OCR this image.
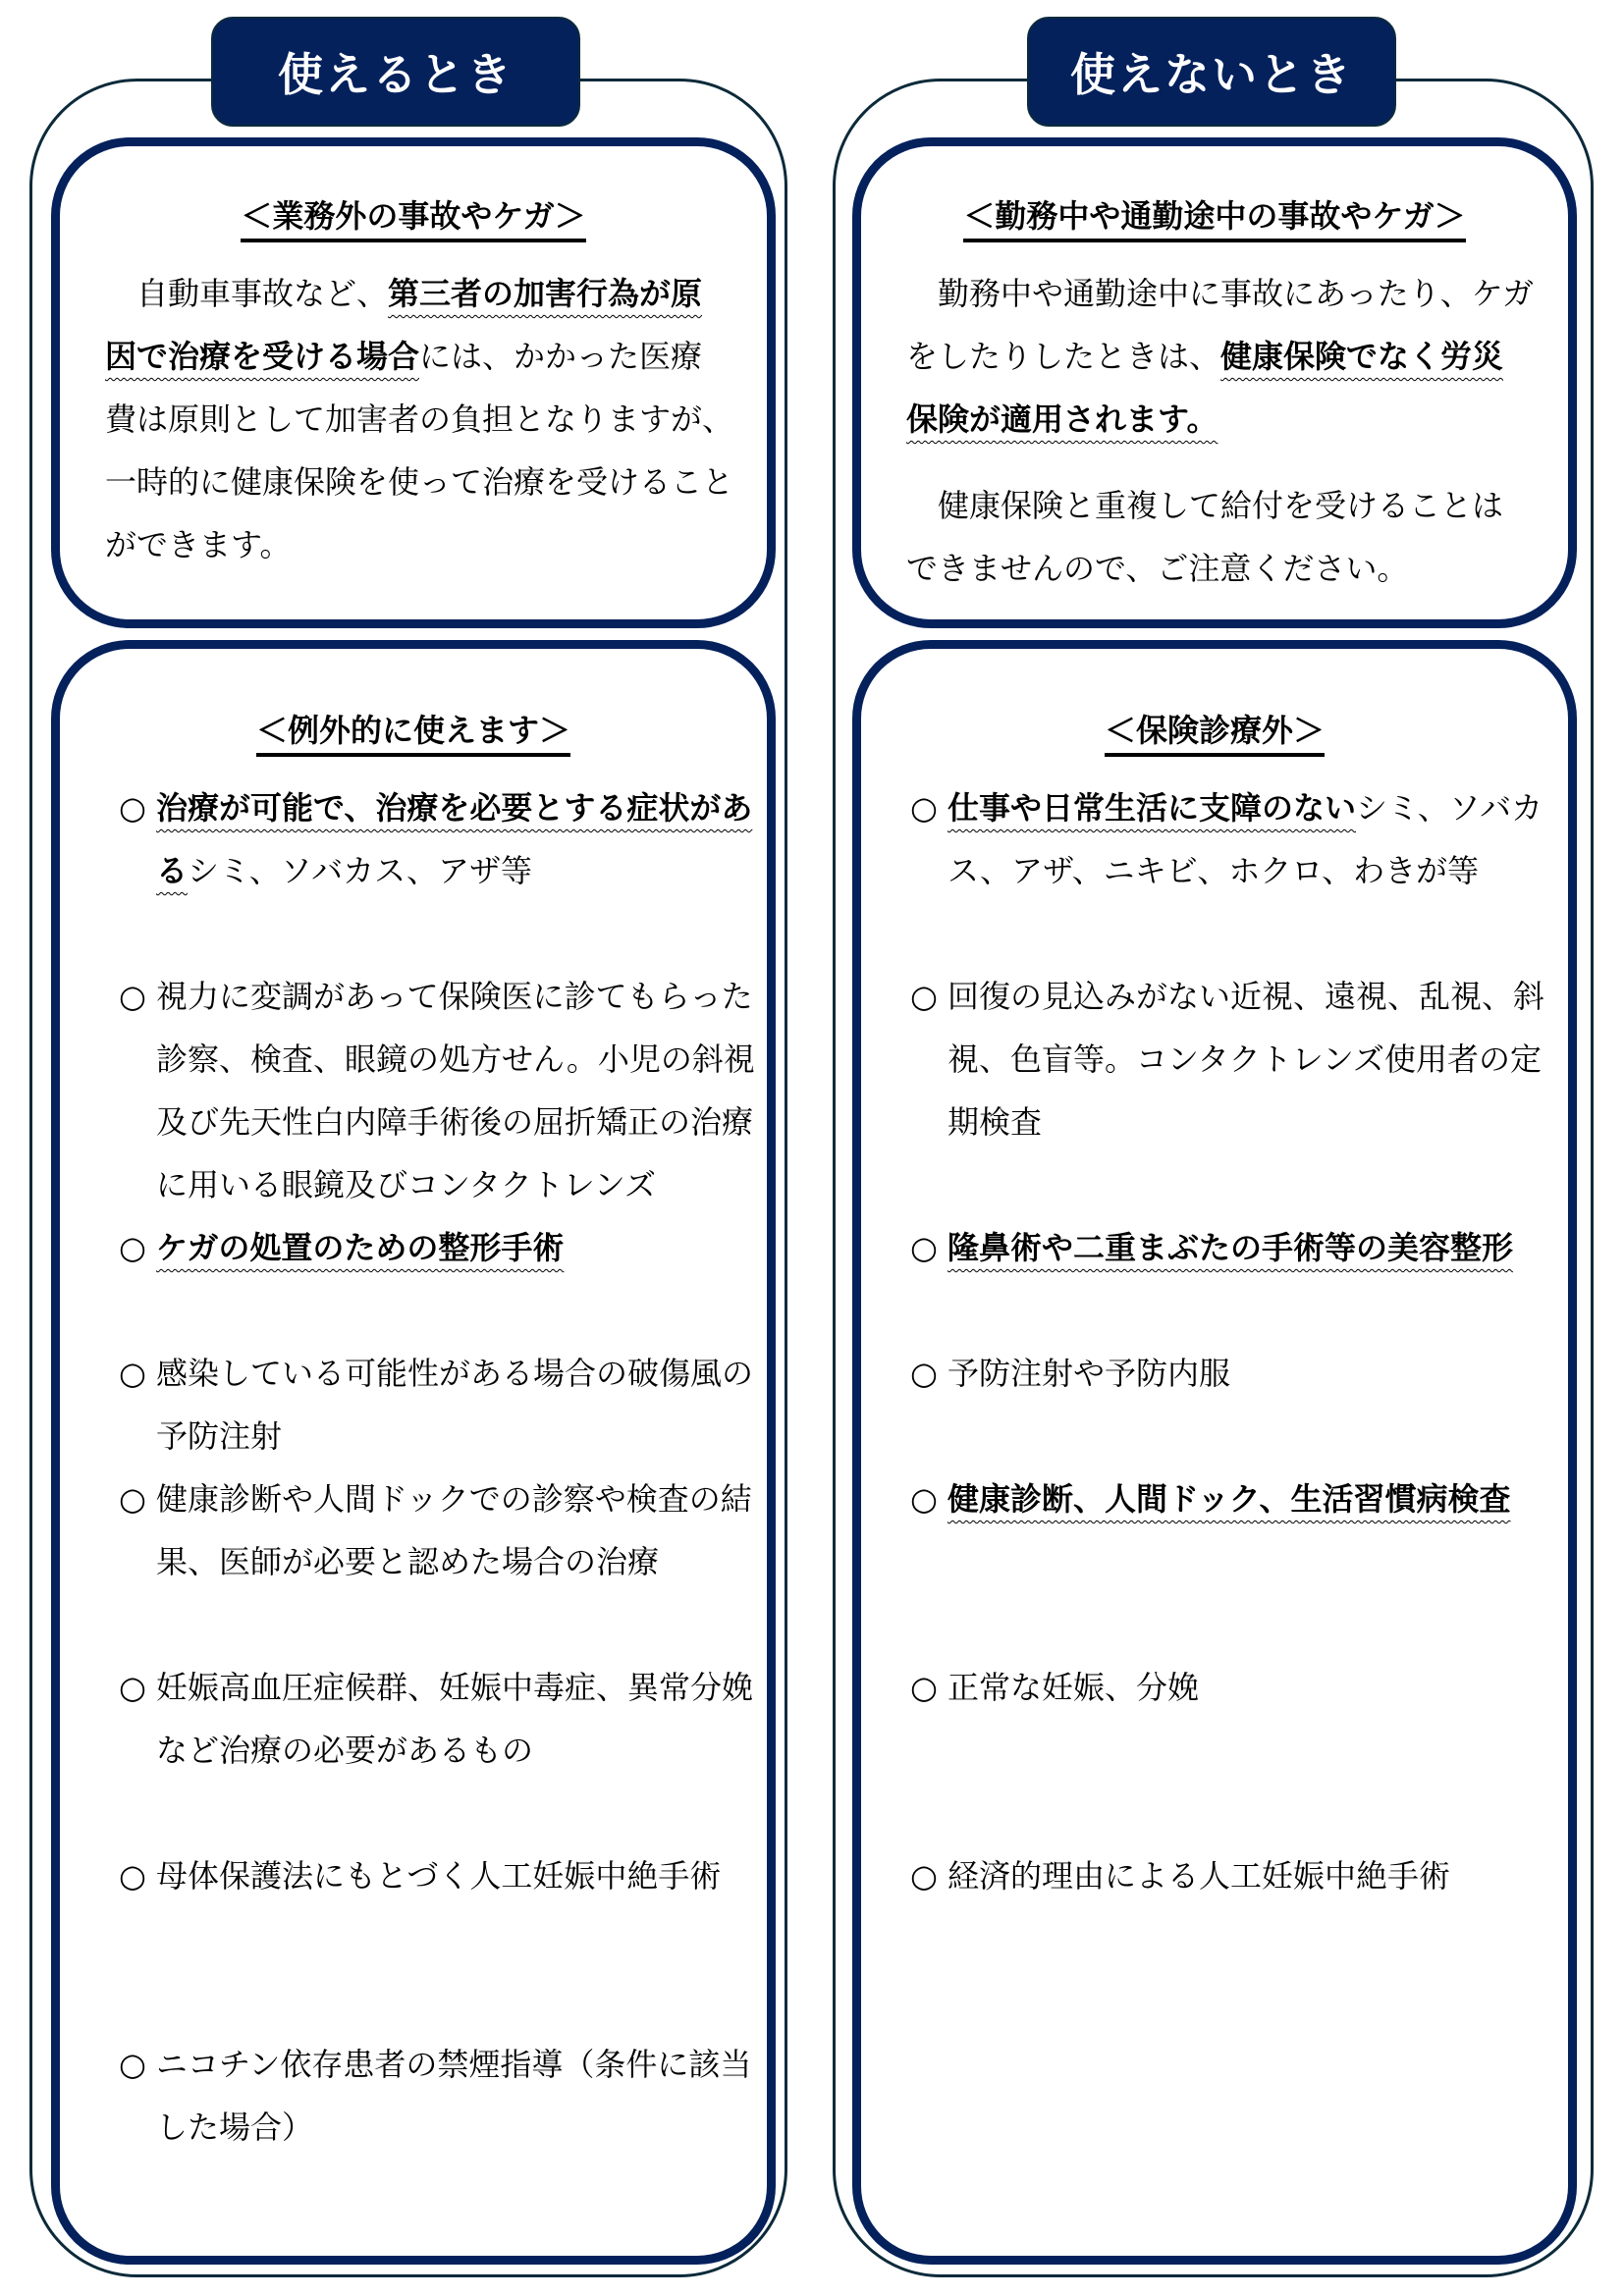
使えるとき
＜業務外の事故やケガ＞
　自動車事故など、第三者の加害行為が原因で治療を受ける場合には、かかった医療費は原則として加害者の負担となりますが、一時的に健康保険を使って治療を受けることができます。
＜例外的に使えます＞
○ 治療が可能で、治療を必要とする症状があるシミ、ソバカス、アザ等
○ 視力に変調があって保険医に診てもらった診察、検査、眼鏡の処方せん。小児の斜視及び先天性白内障手術後の屈折矯正の治療に用いる眼鏡及びコンタクトレンズ
○ ケガの処置のための整形手術
○ 感染している可能性がある場合の破傷風の予防注射
○ 健康診断や人間ドックでの診察や検査の結果、医師が必要と認めた場合の治療
○ 妊娠高血圧症候群、妊娠中毒症、異常分娩など治療の必要があるもの
○ 母体保護法にもとづく人工妊娠中絶手術
○ ニコチン依存患者の禁煙指導（条件に該当した場合）
使えないとき
＜勤務中や通勤途中の事故やケガ＞
　勤務中や通勤途中に事故にあったり、ケガをしたりしたときは、健康保険でなく労災保険が適用されます。
　健康保険と重複して給付を受けることはできませんので、ご注意ください。
＜保険診療外＞
○ 仕事や日常生活に支障のないシミ、ソバカス、アザ、ニキビ、ホクロ、わきが等
○ 回復の見込みがない近視、遠視、乱視、斜視、色盲等。コンタクトレンズ使用者の定期検査
○ 隆鼻術や二重まぶたの手術等の美容整形
○ 予防注射や予防内服
○ 健康診断、人間ドック、生活習慣病検査
○ 正常な妊娠、分娩
○ 経済的理由による人工妊娠中絶手術
